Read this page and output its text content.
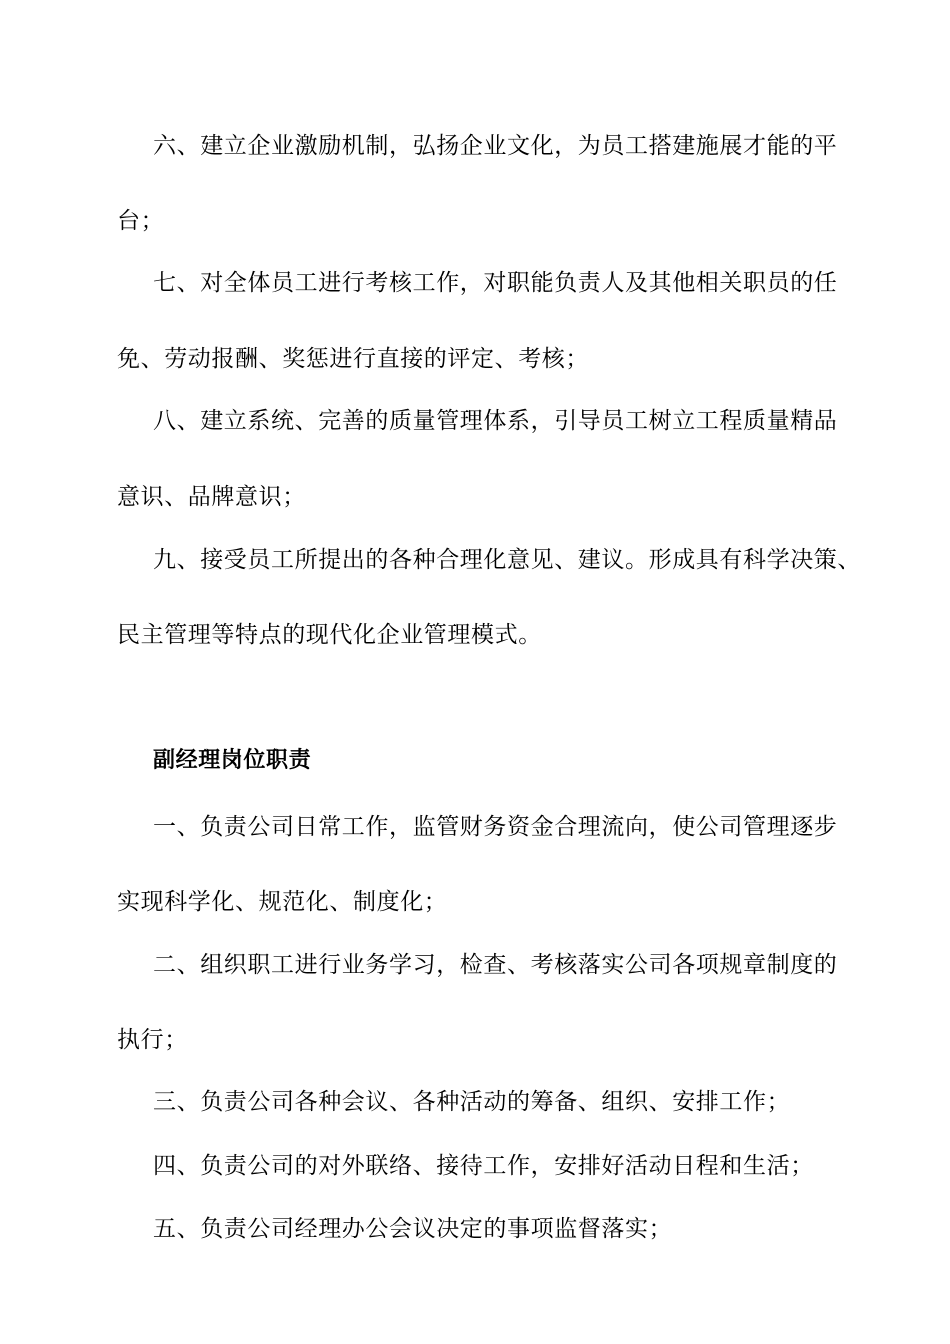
六、建立企业激励机制，弘扬企业文化，为员工搭建施展才能的平
台；
七、对全体员工进行考核工作，对职能负责人及其他相关职员的任
免、劳动报酬、奖惩进行直接的评定、考核；
八、建立系统、完善的质量管理体系，引导员工树立工程质量精品
意识、品牌意识；
九、接受员工所提出的各种合理化意见、建议。形成具有科学决策、
民主管理等特点的现代化企业管理模式。
副经理岗位职责
一、负责公司日常工作，监管财务资金合理流向，使公司管理逐步
实现科学化、规范化、制度化；
二、组织职工进行业务学习，检查、考核落实公司各项规章制度的
执行；
三、负责公司各种会议、各种活动的筹备、组织、安排工作；
四、负责公司的对外联络、接待工作，安排好活动日程和生活；
五、负责公司经理办公会议决定的事项监督落实；
